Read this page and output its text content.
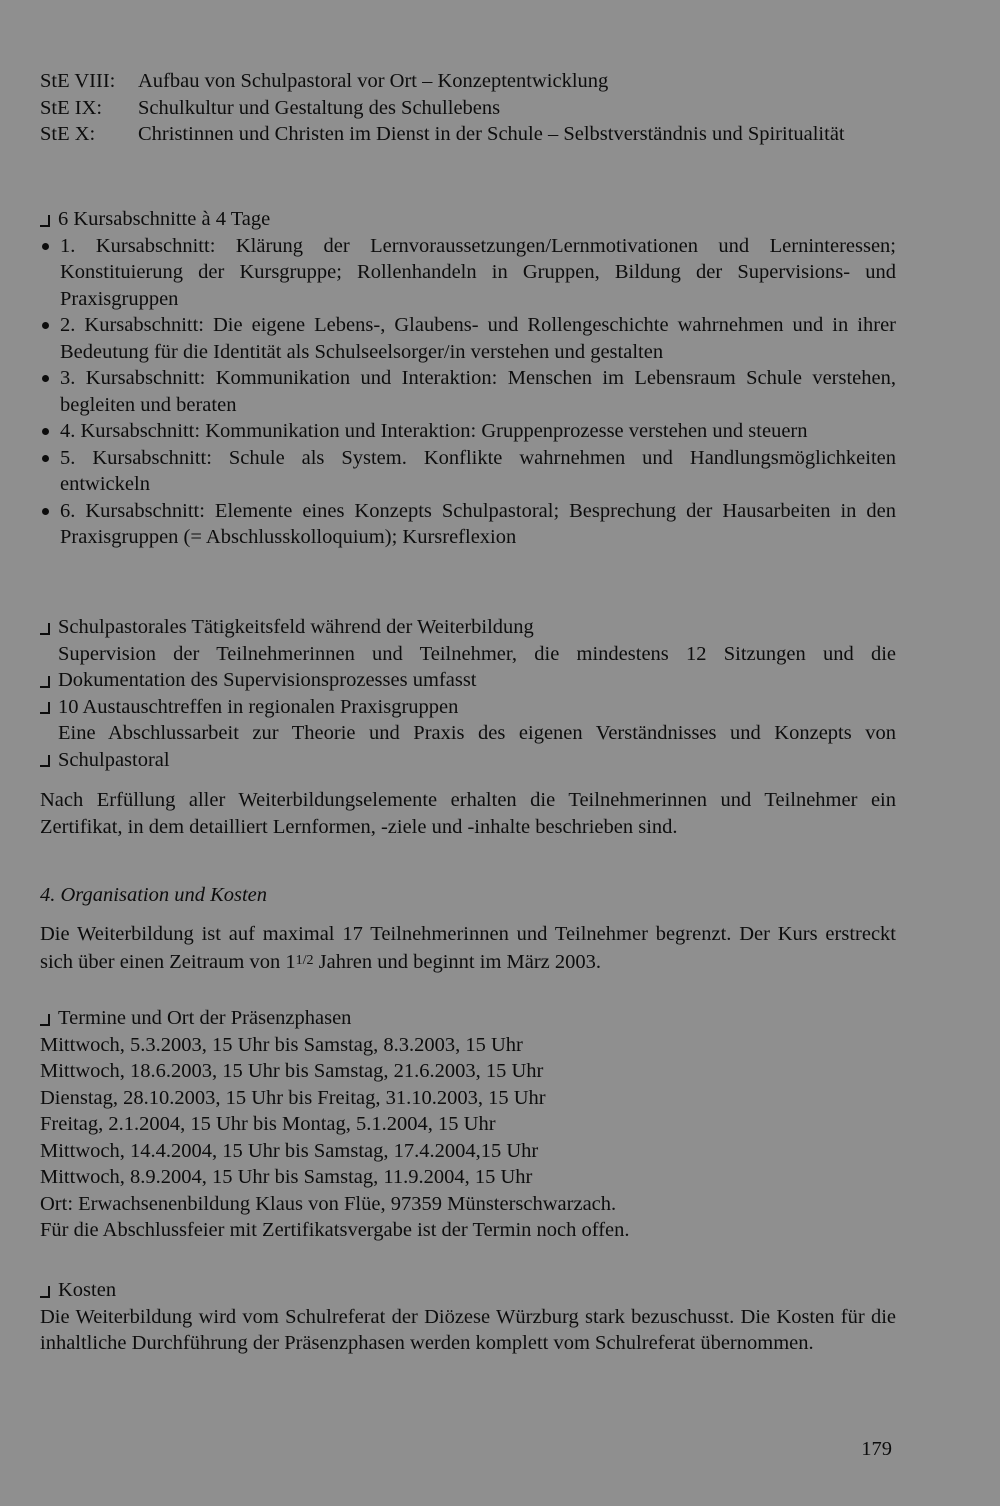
StE VIII:	Aufbau von Schulpastoral vor Ort – Konzeptentwicklung
StE IX:	Schulkultur und Gestaltung des Schullebens
StE X:	Christinnen und Christen im Dienst in der Schule – Selbstverständnis und Spiritualität
6 Kursabschnitte à 4 Tage
1. Kursabschnitt: Klärung der Lernvoraussetzungen/Lernmotivationen und Lerninteressen; Konstituierung der Kursgruppe; Rollenhandeln in Gruppen, Bildung der Supervisions- und Praxisgruppen
2. Kursabschnitt: Die eigene Lebens-, Glaubens- und Rollengeschichte wahrnehmen und in ihrer Bedeutung für die Identität als Schulseelsorger/in verstehen und gestalten
3. Kursabschnitt: Kommunikation und Interaktion: Menschen im Lebensraum Schule verstehen, begleiten und beraten
4. Kursabschnitt: Kommunikation und Interaktion: Gruppenprozesse verstehen und steuern
5. Kursabschnitt: Schule als System. Konflikte wahrnehmen und Handlungsmöglichkeiten entwickeln
6. Kursabschnitt: Elemente eines Konzepts Schulpastoral; Besprechung der Hausarbeiten in den Praxisgruppen (= Abschlusskolloquium); Kursreflexion
Schulpastorales Tätigkeitsfeld während der Weiterbildung
Supervision der Teilnehmerinnen und Teilnehmer, die mindestens 12 Sitzungen und die Dokumentation des Supervisionsprozesses umfasst
10 Austauschtreffen in regionalen Praxisgruppen
Eine Abschlussarbeit zur Theorie und Praxis des eigenen Verständnisses und Konzepts von Schulpastoral
Nach Erfüllung aller Weiterbildungselemente erhalten die Teilnehmerinnen und Teilnehmer ein Zertifikat, in dem detailliert Lernformen, -ziele und -inhalte beschrieben sind.
4. Organisation und Kosten
Die Weiterbildung ist auf maximal 17 Teilnehmerinnen und Teilnehmer begrenzt. Der Kurs erstreckt sich über einen Zeitraum von 11/2 Jahren und beginnt im März 2003.
Termine und Ort der Präsenzphasen
Mittwoch, 5.3.2003, 15 Uhr bis Samstag, 8.3.2003, 15 Uhr
Mittwoch, 18.6.2003, 15 Uhr bis Samstag, 21.6.2003, 15 Uhr
Dienstag, 28.10.2003, 15 Uhr bis Freitag, 31.10.2003, 15 Uhr
Freitag, 2.1.2004, 15 Uhr bis Montag, 5.1.2004, 15 Uhr
Mittwoch, 14.4.2004, 15 Uhr bis Samstag, 17.4.2004,15 Uhr
Mittwoch, 8.9.2004, 15 Uhr bis Samstag, 11.9.2004, 15 Uhr
Ort: Erwachsenenbildung Klaus von Flüe, 97359 Münsterschwarzach.
Für die Abschlussfeier mit Zertifikatsvergabe ist der Termin noch offen.
Kosten
Die Weiterbildung wird vom Schulreferat der Diözese Würzburg stark bezuschusst. Die Kosten für die inhaltliche Durchführung der Präsenzphasen werden komplett vom Schulreferat übernommen.
179
